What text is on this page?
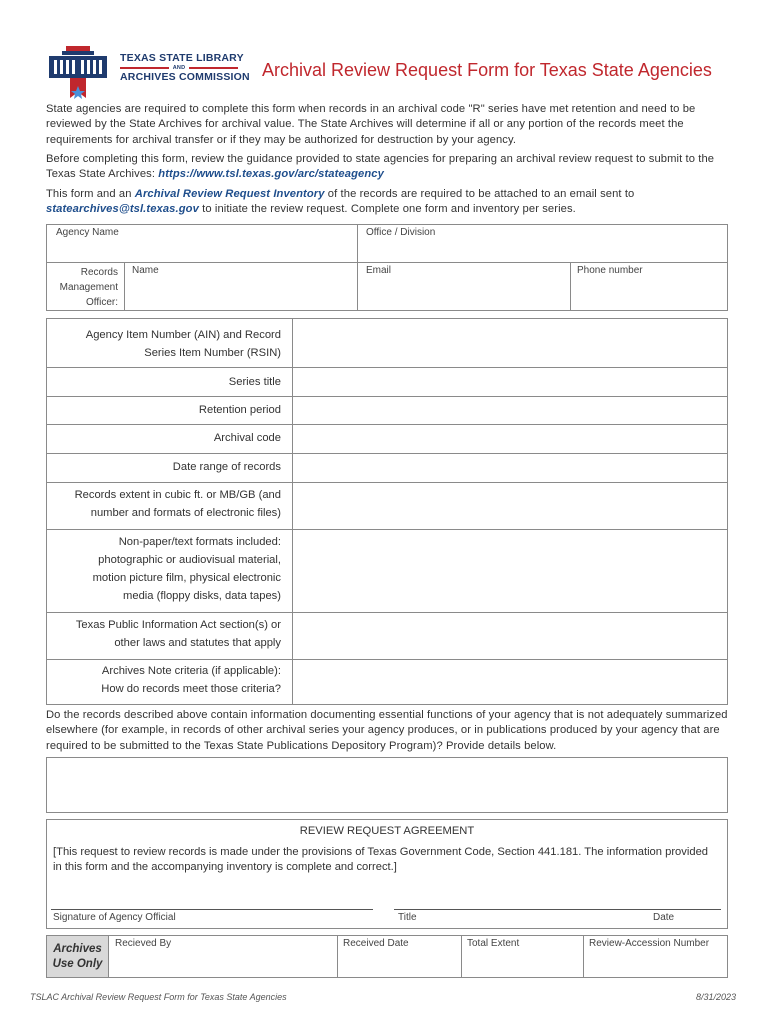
TEXAS STATE LIBRARY
AND
ARCHIVES COMMISSION Archival Review Request Form for Texas State Agencies
State agencies are required to complete this form when records in an archival code "R" series have met retention and need to be reviewed by the State Archives for archival value. The State Archives will determine if all or any portion of the records meet the requirements for archival transfer or if they may be authorized for destruction by your agency.
Before completing this form, review the guidance provided to state agencies for preparing an archival review request to submit to the Texas State Archives: https://www.tsl.texas.gov/arc/stateagency
This form and an Archival Review Request Inventory of the records are required to be attached to an email sent to statearchives@tsl.texas.gov to initiate the review request. Complete one form and inventory per series.
Agency Name	Office / Division
Records
Management
Officer:
Name	Email	Phone number
Agency Item Number (AIN) and Record
Series Item Number (RSIN)
Series title
Retention period
Archival code
Date range of records
Records extent in cubic ft. or MB/GB (and
number and formats of electronic files)
Non-paper/text formats included:
photographic or audiovisual material,
motion picture film, physical electronic
media (floppy disks, data tapes)
Texas Public Information Act section(s) or
other laws and statutes that apply
Archives Note criteria (if applicable):
How do records meet those criteria?
Do the records described above contain information documenting essential functions of your agency that is not adequately summarized elsewhere (for example, in records of other archival series your agency produces, or in publications produced by your agency that are required to be submitted to the Texas State Publications Depository Program)? Provide details below.
REVIEW REQUEST AGREEMENT
[This request to review records is made under the provisions of Texas Government Code, Section 441.181. The information provided in this form and the accompanying inventory is complete and correct.]
Signature of Agency Official	Title	Date
Archives
Use Only
Recieved By	Received Date	Total Extent	Review-Accession Number
TSLAC Archival Review Request Form for Texas State Agencies	8/31/2023
